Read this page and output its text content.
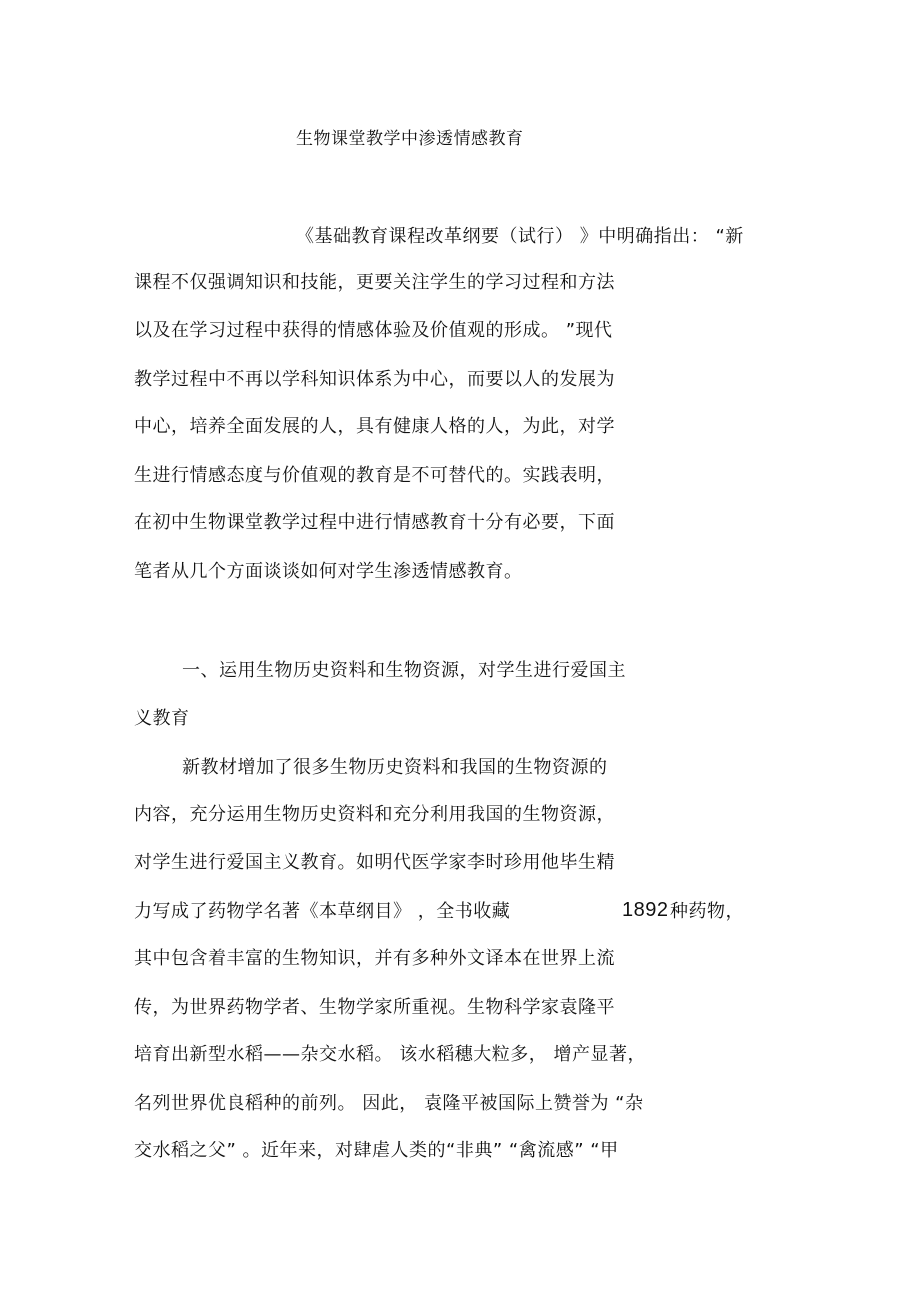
生物课堂教学中渗透情感教育
《基础教育课程改革纲要（试行） 》中明确指出： “新
课程不仅强调知识和技能，更要关注学生的学习过程和方法
以及在学习过程中获得的情感体验及价值观的形成。 ”现代
教学过程中不再以学科知识体系为中心，而要以人的发展为
中心，培养全面发展的人，具有健康人格的人，为此，对学
生进行情感态度与价值观的教育是不可替代的。实践表明，
在初中生物课堂教学过程中进行情感教育十分有必要，下面
笔者从几个方面谈谈如何对学生渗透情感教育。
一、运用生物历史资料和生物资源，对学生进行爱国主
义教育
新教材增加了很多生物历史资料和我国的生物资源的
内容，充分运用生物历史资料和充分利用我国的生物资源，
对学生进行爱国主义教育。如明代医学家李时珍用他毕生精
力写成了药物学名著《本草纲目》 ，全书收藏	1892 种药物，
其中包含着丰富的生物知识，并有多种外文译本在世界上流
传，为世界药物学者、生物学家所重视。生物科学家袁隆平
培育出新型水稻——杂交水稻。 该水稻穗大粒多， 增产显著，
名列世界优良稻种的前列。 因此， 袁隆平被国际上赞誉为 “杂
交水稻之父” 。近年来，对肆虐人类的“非典” “禽流感” “甲
